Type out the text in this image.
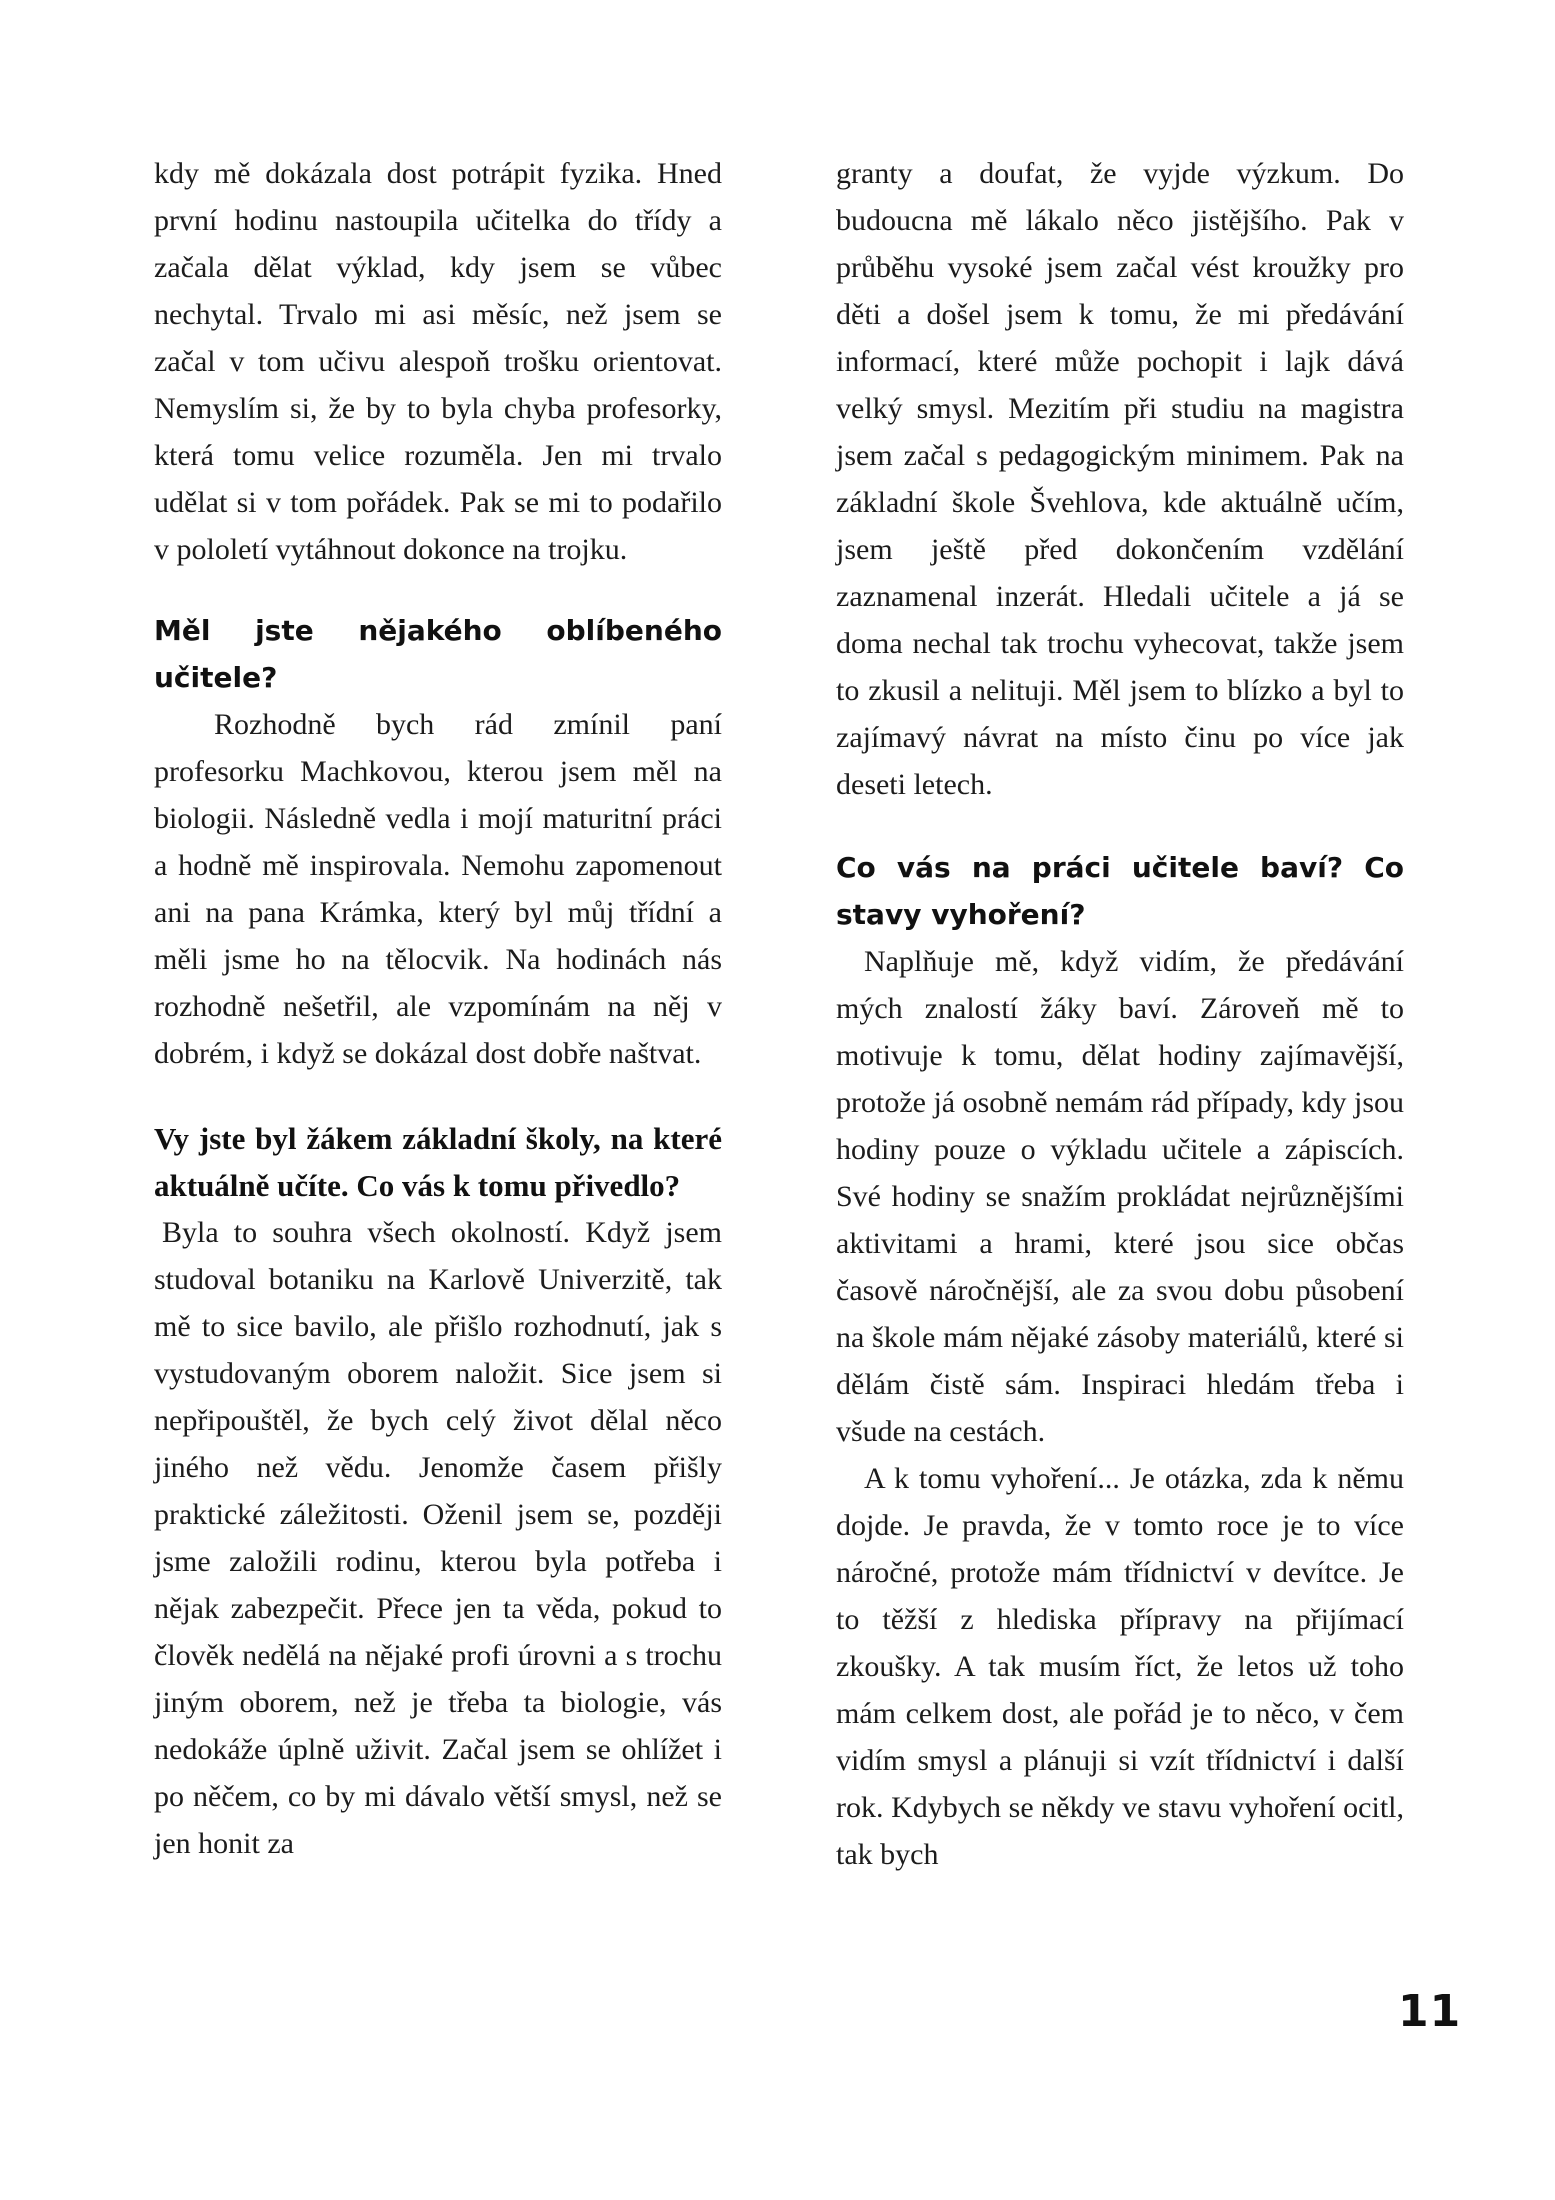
kdy mě dokázala dost potrápit fyzika. Hned první hodinu nastoupila učitelka do třídy a začala dělat výklad, kdy jsem se vůbec nechytal. Trvalo mi asi měsíc, než jsem se začal v tom učivu alespoň trošku orientovat. Nemyslím si, že by to byla chyba profesorky, která tomu velice rozuměla. Jen mi trvalo udělat si v tom pořádek. Pak se mi to podařilo v pololetí vytáhnout dokonce na trojku.

Měl jste nějakého oblíbeného učitele?

Rozhodně bych rád zmínil paní profesorku Machkovou, kterou jsem měl na biologii. Následně vedla i mojí maturitní práci a hodně mě inspirovala. Nemohu zapomenout ani na pana Krámka, který byl můj třídní a měli jsme ho na tělocvik. Na hodinách nás rozhodně nešetřil, ale vzpomínám na něj v dobrém, i když se dokázal dost dobře naštvat.

Vy jste byl žákem základní školy, na které aktuálně učíte. Co vás k tomu přivedlo?

Byla to souhra všech okolností. Když jsem studoval botaniku na Karlově Univerzitě, tak mě to sice bavilo, ale přišlo rozhodnutí, jak s vystudovaným oborem naložit. Sice jsem si nepřipouštěl, že bych celý život dělal něco jiného než vědu. Jenomže časem přišly praktické záležitosti. Oženil jsem se, později jsme založili rodinu, kterou byla potřeba i nějak zabezpečit. Přece jen ta věda, pokud to člověk nedělá na nějaké profi úrovni a s trochu jiným oborem, než je třeba ta biologie, vás nedokáže úplně uživit. Začal jsem se ohlížet i po něčem, co by mi dávalo větší smysl, než se jen honit za

granty a doufat, že vyjde výzkum. Do budoucna mě lákalo něco jistějšího. Pak v průběhu vysoké jsem začal vést kroužky pro děti a došel jsem k tomu, že mi předávání informací, které může pochopit i lajk dává velký smysl. Mezitím při studiu na magistra jsem začal s pedagogickým minimem. Pak na základní škole Švehlova, kde aktuálně učím, jsem ještě před dokončením vzdělání zaznamenal inzerát. Hledali učitele a já se doma nechal tak trochu vyhecovat, takže jsem to zkusil a nelituji. Měl jsem to blízko a byl to zajímavý návrat na místo činu po více jak deseti letech.

Co vás na práci učitele baví? Co stavy vyhoření?

Naplňuje mě, když vidím, že předávání mých znalostí žáky baví. Zároveň mě to motivuje k tomu, dělat hodiny zajímavější, protože já osobně nemám rád případy, kdy jsou hodiny pouze o výkladu učitele a zápiscích. Své hodiny se snažím prokládat nejrůznějšími aktivitami a hrami, které jsou sice občas časově náročnější, ale za svou dobu působení na škole mám nějaké zásoby materiálů, které si dělám čistě sám. Inspiraci hledám třeba i všude na cestách.

A k tomu vyhoření... Je otázka, zda k němu dojde. Je pravda, že v tomto roce je to více náročné, protože mám třídnictví v devítce. Je to těžší z hlediska přípravy na přijímací zkoušky. A tak musím říct, že letos už toho mám celkem dost, ale pořád je to něco, v čem vidím smysl a plánuji si vzít třídnictví i další rok. Kdybych se někdy ve stavu vyhoření ocitl, tak bych

11
